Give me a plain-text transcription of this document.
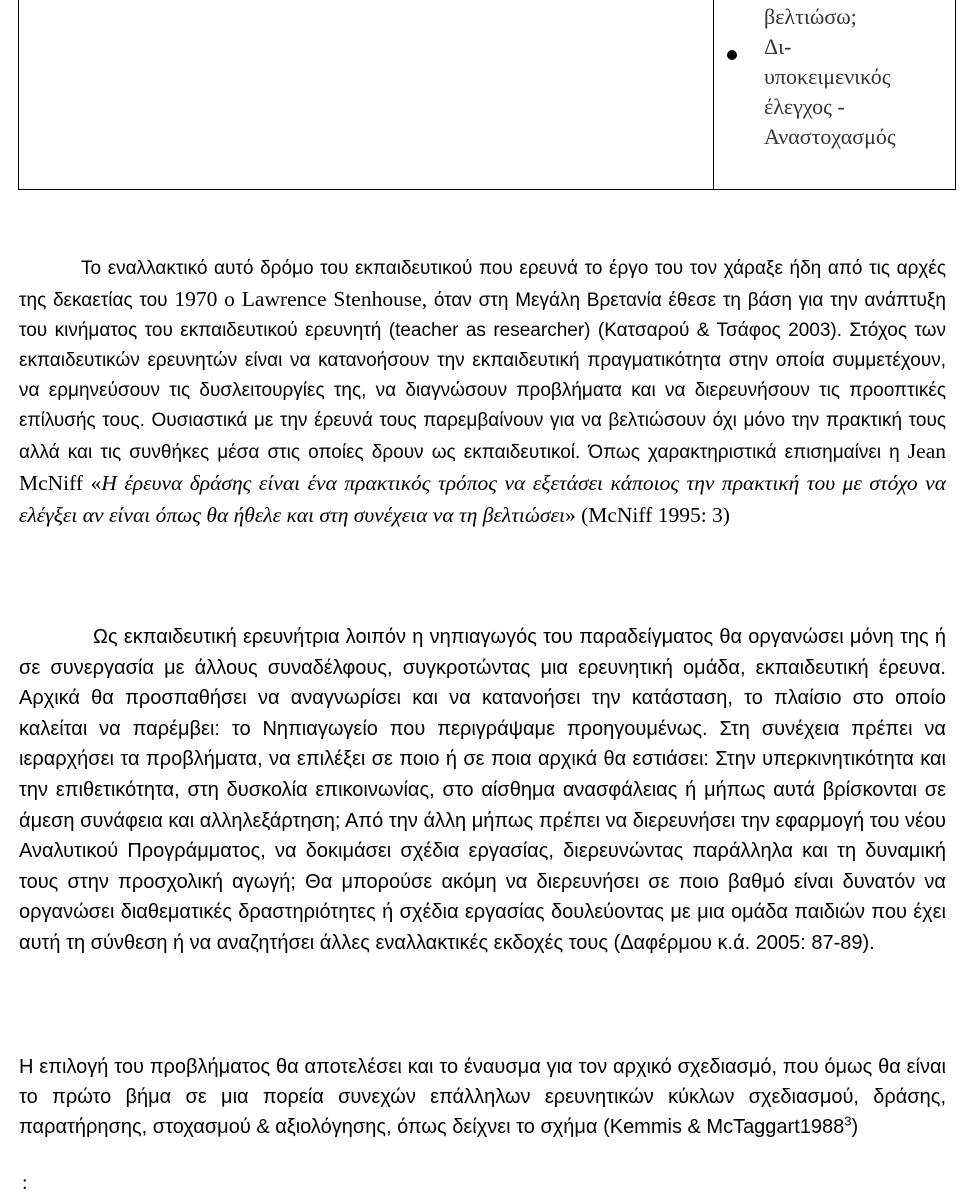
βελτιώσω;
Δι-
υποκειμενικός
έλεγχος -
Αναστοχασμός

Το εναλλακτικό αυτό δρόμο του εκπαιδευτικού που ερευνά το έργο του τον χάραξε ήδη από τις αρχές της δεκαετίας του 1970 ο Lawrence Stenhouse, όταν στη Μεγάλη Βρετανία έθεσε τη βάση για την ανάπτυξη του κινήματος του εκπαιδευτικού ερευνητή (teacher as researcher) (Κατσαρού & Τσάφος 2003). Στόχος των εκπαιδευτικών ερευνητών είναι να κατανοήσουν την εκπαιδευτική πραγματικότητα στην οποία συμμετέχουν, να ερμηνεύσουν τις δυσλειτουργίες της, να διαγνώσουν προβλήματα και να διερευνήσουν τις προοπτικές επίλυσής τους. Ουσιαστικά με την έρευνά τους παρεμβαίνουν για να βελτιώσουν όχι μόνο την πρακτική τους αλλά και τις συνθήκες μέσα στις οποίες δρουν ως εκπαιδευτικοί. Όπως χαρακτηριστικά επισημαίνει η Jean McNiff «Η έρευνα δράσης είναι ένα πρακτικός τρόπος να εξετάσει κάποιος την πρακτική του με στόχο να ελέγξει αν είναι όπως θα ήθελε και στη συνέχεια να τη βελτιώσει» (McNiff 1995: 3)

Ως εκπαιδευτική ερευνήτρια λοιπόν η νηπιαγωγός του παραδείγματος θα οργανώσει μόνη της ή σε συνεργασία με άλλους συναδέλφους, συγκροτώντας μια ερευνητική ομάδα, εκπαιδευτική έρευνα. Αρχικά θα προσπαθήσει να αναγνωρίσει και να κατανοήσει την κατάσταση, το πλαίσιο στο οποίο καλείται να παρέμβει: το Νηπιαγωγείο που περιγράψαμε προηγουμένως. Στη συνέχεια πρέπει να ιεραρχήσει τα προβλήματα, να επιλέξει σε ποιο ή σε ποια αρχικά θα εστιάσει: Στην υπερκινητικότητα και την επιθετικότητα, στη δυσκολία επικοινωνίας, στο αίσθημα ανασφάλειας ή μήπως αυτά βρίσκονται σε άμεση συνάφεια και αλληλεξάρτηση; Από την άλλη μήπως πρέπει να διερευνήσει την εφαρμογή του νέου Αναλυτικού Προγράμματος, να δοκιμάσει σχέδια εργασίας, διερευνώντας παράλληλα και τη δυναμική τους στην προσχολική αγωγή; Θα μπορούσε ακόμη να διερευνήσει σε ποιο βαθμό είναι δυνατόν να οργανώσει διαθεματικές δραστηριότητες ή σχέδια εργασίας δουλεύοντας με μια ομάδα παιδιών που έχει αυτή τη σύνθεση ή να αναζητήσει άλλες εναλλακτικές εκδοχές τους (Δαφέρμου κ.ά. 2005: 87-89).

Η επιλογή του προβλήματος θα αποτελέσει και το έναυσμα για τον αρχικό σχεδιασμό, που όμως θα είναι το πρώτο βήμα σε μια πορεία συνεχών επάλληλων ερευνητικών κύκλων σχεδιασμού, δράσης, παρατήρησης, στοχασμού & αξιολόγησης, όπως δείχνει το σχήμα (Kemmis & McTaggart1988$^3$)

:
